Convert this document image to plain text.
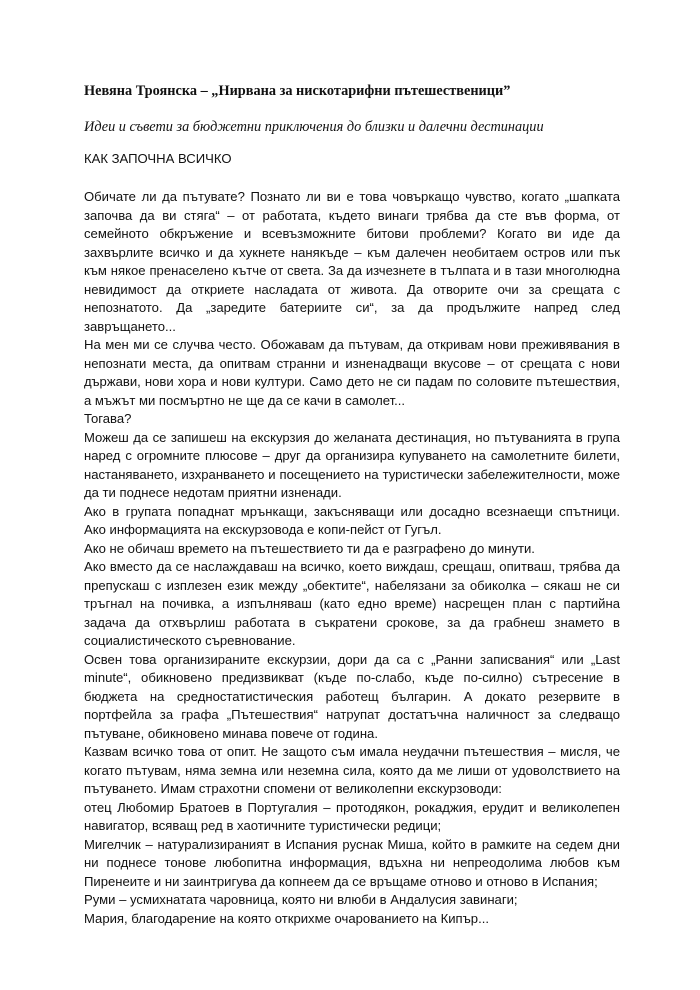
Невяна Троянска – „Нирвана за нискотарифни пътешественици”
Идеи и съвети за бюджетни приключения до близки и далечни дестинации
КАК ЗАПОЧНА ВСИЧКО

Обичате ли да пътувате? Познато ли ви е това човъркащо чувство, когато „шапката започва да ви стяга“ – от работата, където винаги трябва да сте във форма, от семейното обкръжение и всевъзможните битови проблеми? Когато ви иде да захвърлите всичко и да хукнете нанякъде – към далечен необитаем остров или пък към някое пренаселено кътче от света. За да изчезнете в тълпата и в тази многолюдна невидимост да откриете насладата от живота. Да отворите очи за срещата с непознатото. Да „заредите батериите си“, за да продължите напред след завръщането...

На мен ми се случва често. Обожавам да пътувам, да откривам нови преживявания в непознати места, да опитвам странни и изненадващи вкусове – от срещата с нови държави, нови хора и нови култури. Само дето не си падам по соловите пътешествия, а мъжът ми посмъртно не ще да се качи в самолет...

Тогава?

Можеш да се запишеш на екскурзия до желаната дестинация, но пътуванията в група наред с огромните плюсове – друг да организира купуването на самолетните билети, настаняването, изхранването и посещението на туристически забележителности, може да ти поднесе недотам приятни изненади.

Ако в групата попаднат мрънкащи, закъсняващи или досадно всезнаещи спътници. Ако информацията на екскурзовода е копи-пейст от Гугъл.

Ако не обичаш времето на пътешествието ти да е разграфено до минути.

Ако вместо да се наслаждаваш на всичко, което виждаш, срещаш, опитваш, трябва да препускаш с изплезен език между „обектите“, набелязани за обиколка – сякаш не си тръгнал на почивка, а изпълняваш (като едно време) насрещен план с партийна задача да отхвърлиш работата в съкратени срокове, за да грабнеш знамето в социалистическото съревнование.

Освен това организираните екскурзии, дори да са с „Ранни записвания“ или „Last minute“, обикновено предизвикват (къде по-слабо, къде по-силно) сътресение в бюджета на средностатистическия работещ българин. А докато резервите в портфейла за графа „Пътешествия“ натрупат достатъчна наличност за следващо пътуване, обикновено минава повече от година.

Казвам всичко това от опит. Не защото съм имала неудачни пътешествия – мисля, че когато пътувам, няма земна или неземна сила, която да ме лиши от удоволствието на пътуването. Имам страхотни спомени от великолепни екскурзоводи:

отец Любомир Братоев в Португалия – протодякон, рокаджия, ерудит и великолепен навигатор, всяващ ред в хаотичните туристически редици;

Мигелчик – натурализираният в Испания руснак Миша, който в рамките на седем дни ни поднесе тонове любопитна информация, вдъхна ни непреодолима любов към Пиренеите и ни заинтригува да копнеем да се връщаме отново и отново в Испания;

Руми – усмихнатата чаровница, която ни влюби в Андалусия завинаги;

Мария, благодарение на която открихме очарованието на Кипър...
